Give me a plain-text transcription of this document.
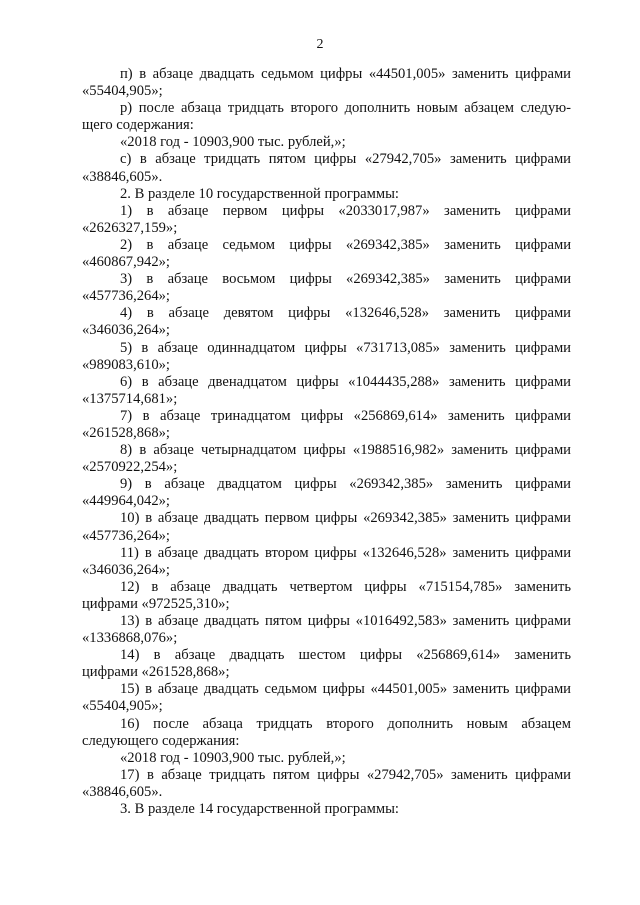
2
п) в абзаце двадцать седьмом цифры «44501,005» заменить цифрами
«55404,905»;
р) после абзаца тридцать второго дополнить новым абзацем следую-
щего содержания:
«2018 год - 10903,900 тыс. рублей,»;
с) в абзаце тридцать пятом цифры «27942,705» заменить цифрами
«38846,605».
2. В разделе 10 государственной программы:
1) в абзаце первом цифры «2033017,987» заменить цифрами
«2626327,159»;
2) в абзаце седьмом цифры «269342,385» заменить цифрами
«460867,942»;
3) в абзаце восьмом цифры «269342,385» заменить цифрами
«457736,264»;
4) в абзаце девятом цифры «132646,528» заменить цифрами
«346036,264»;
5) в абзаце одиннадцатом цифры «731713,085» заменить цифрами
«989083,610»;
6) в абзаце двенадцатом цифры «1044435,288» заменить цифрами
«1375714,681»;
7) в абзаце тринадцатом цифры «256869,614» заменить цифрами
«261528,868»;
8) в абзаце четырнадцатом цифры «1988516,982» заменить цифрами
«2570922,254»;
9) в абзаце двадцатом цифры «269342,385» заменить цифрами
«449964,042»;
10) в абзаце двадцать первом цифры «269342,385» заменить цифрами
«457736,264»;
11) в абзаце двадцать втором цифры «132646,528» заменить цифрами
«346036,264»;
12) в абзаце двадцать четвертом цифры «715154,785» заменить
цифрами «972525,310»;
13) в абзаце двадцать пятом цифры «1016492,583» заменить цифрами
«1336868,076»;
14) в абзаце двадцать шестом цифры «256869,614» заменить
цифрами «261528,868»;
15) в абзаце двадцать седьмом цифры «44501,005» заменить цифрами
«55404,905»;
16) после абзаца тридцать второго дополнить новым абзацем
следующего содержания:
«2018 год - 10903,900 тыс. рублей,»;
17) в абзаце тридцать пятом цифры «27942,705» заменить цифрами
«38846,605».
3. В разделе 14 государственной программы:
